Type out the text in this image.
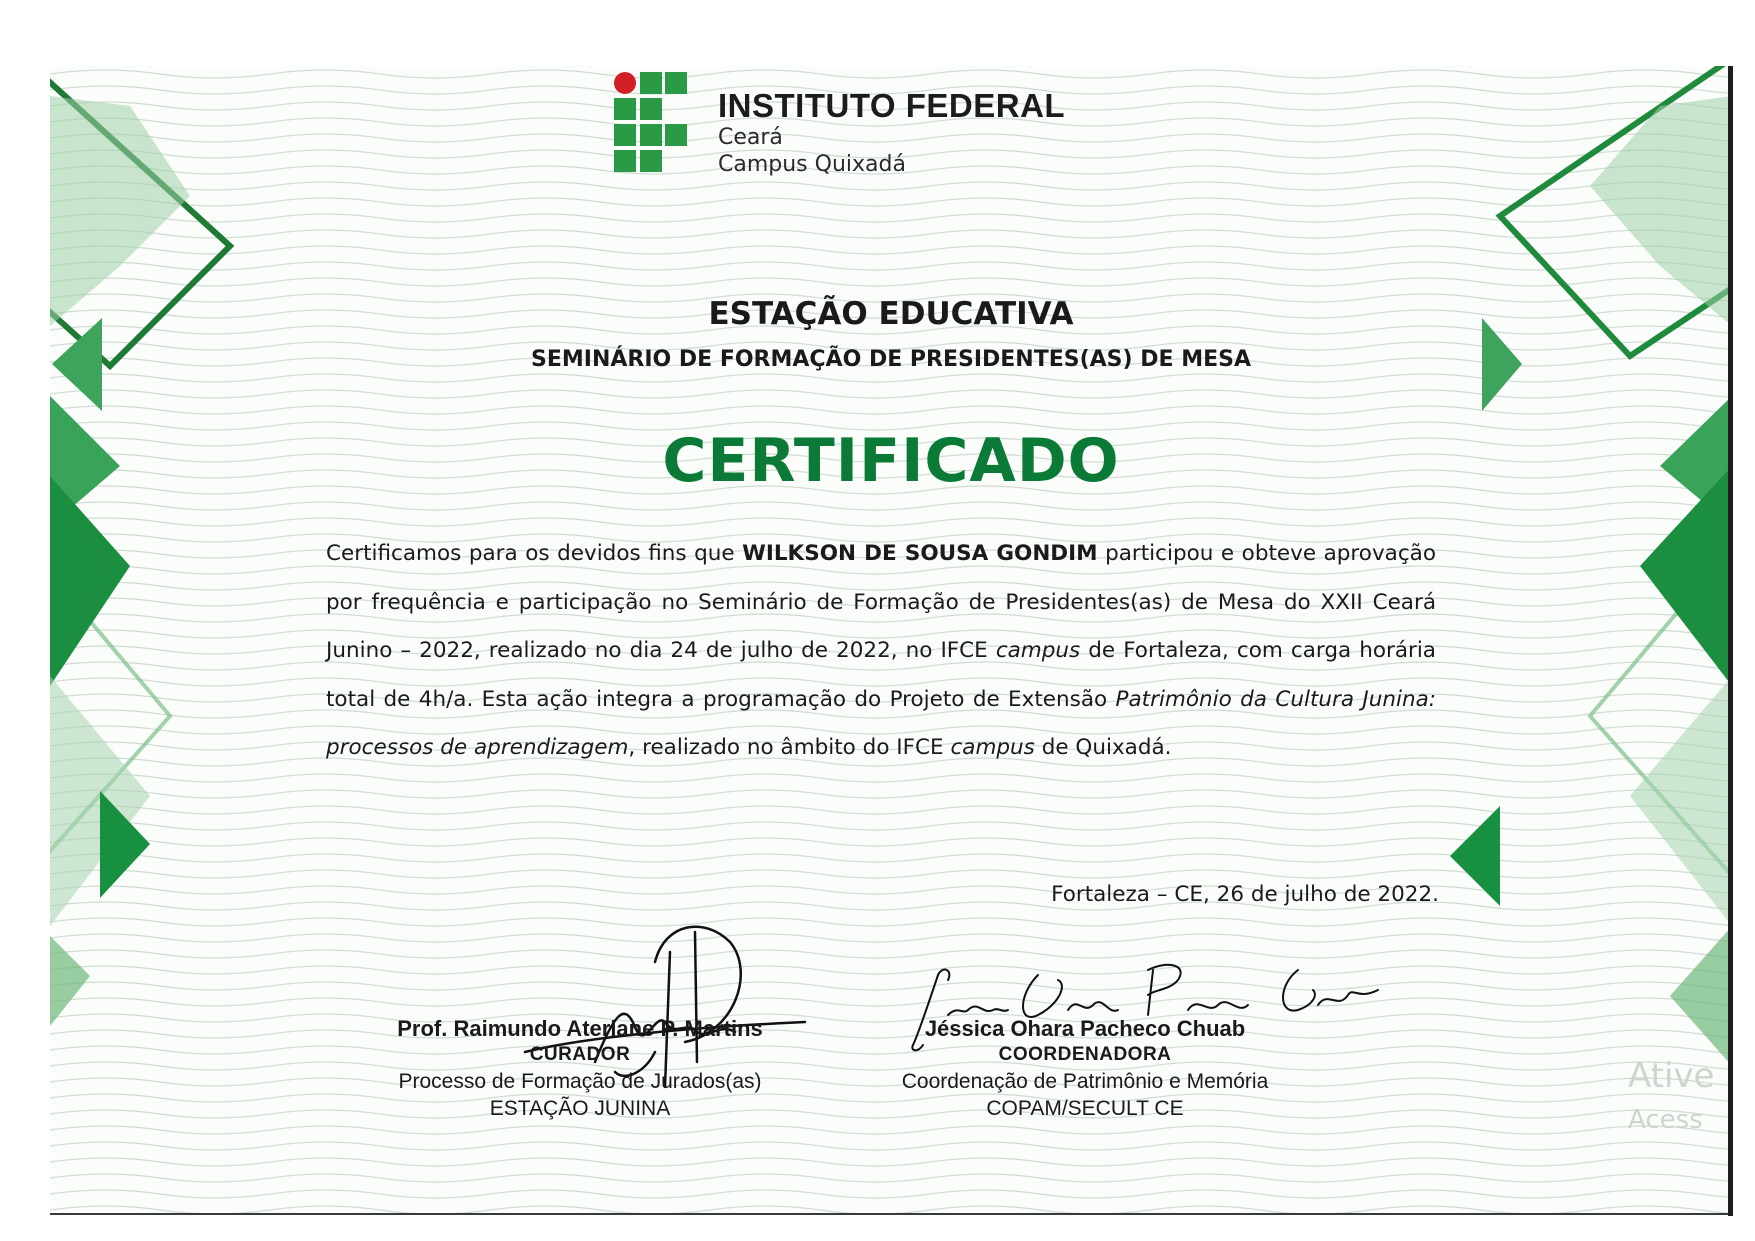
INSTITUTO FEDERAL
Ceará
Campus Quixadá
ESTAÇÃO EDUCATIVA
SEMINÁRIO DE FORMAÇÃO DE PRESIDENTES(AS) DE MESA
CERTIFICADO

Certificamos para os devidos fins que WILKSON DE SOUSA GONDIM participou e obteve aprovação por frequência e participação no Seminário de Formação de Presidentes(as) de Mesa do XXII Ceará Junino – 2022, realizado no dia 24 de julho de 2022, no IFCE campus de Fortaleza, com carga horária total de 4h/a. Esta ação integra a programação do Projeto de Extensão Patrimônio da Cultura Junina: processos de aprendizagem, realizado no âmbito do IFCE campus de Quixadá.

Fortaleza – CE, 26 de julho de 2022.
Prof. Raimundo Aterlane P. Martins
CURADOR
Processo de Formação de Jurados(as)
ESTAÇÃO JUNINA
Jéssica Ohara Pacheco Chuab
COORDENADORA
Coordenação de Patrimônio e Memória
COPAM/SECULT CE
Ative
Acess
